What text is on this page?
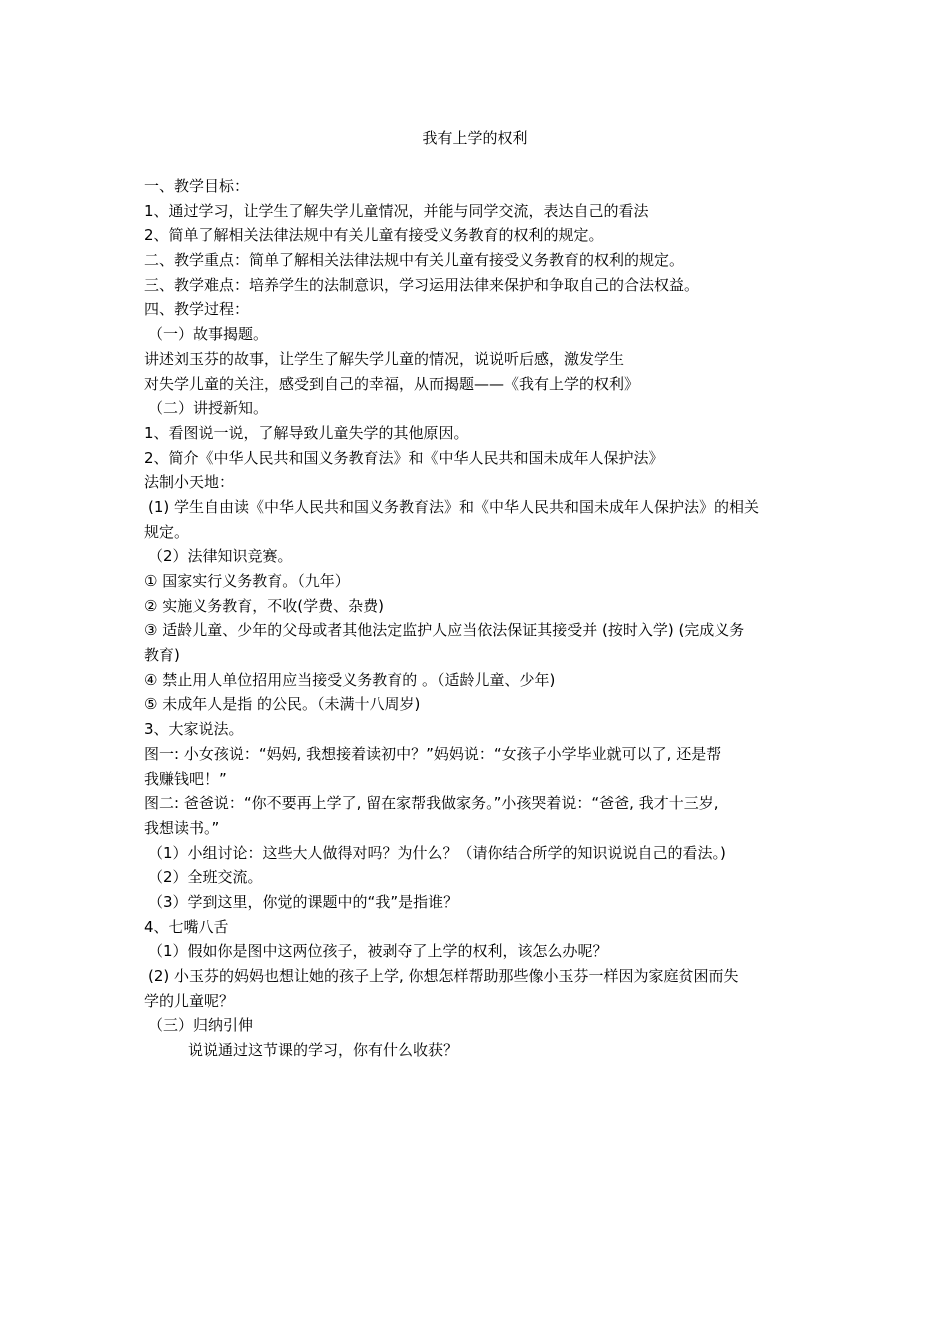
我有上学的权利
一、教学目标：
1、通过学习，让学生了解失学儿童情况，并能与同学交流，表达自己的看法
2、简单了解相关法律法规中有关儿童有接受义务教育的权利的规定。
二、教学重点：简单了解相关法律法规中有关儿童有接受义务教育的权利的规定。
三、教学难点：培养学生的法制意识，学习运用法律来保护和争取自己的合法权益。
四、教学过程：
（一）故事揭题。
讲述刘玉芬的故事，让学生了解失学儿童的情况，说说听后感，激发学生
对失学儿童的关注，感受到自己的幸福，从而揭题——《我有上学的权利》
（二）讲授新知。
1、看图说一说，了解导致儿童失学的其他原因。
2、简介《中华人民共和国义务教育法》和《中华人民共和国未成年人保护法》
法制小天地：
(1) 学生自由读《中华人民共和国义务教育法》和《中华人民共和国未成年人保护法》的相关
规定。
（2）法律知识竞赛。
① 国家实行义务教育。（九年）
② 实施义务教育，不收(学费、杂费)
③ 适龄儿童、少年的父母或者其他法定监护人应当依法保证其接受并 (按时入学) (完成义务
教育)
④ 禁止用人单位招用应当接受义务教育的 。（适龄儿童、少年)
⑤ 未成年人是指 的公民。（未满十八周岁)
3、大家说法。
图一: 小女孩说：“妈妈, 我想接着读初中？”妈妈说：“女孩子小学毕业就可以了, 还是帮
我赚钱吧！”
图二: 爸爸说：“你不要再上学了, 留在家帮我做家务。”小孩哭着说：“爸爸, 我才十三岁,
我想读书。”
（1）小组讨论：这些大人做得对吗？为什么？（请你结合所学的知识说说自己的看法。)
（2）全班交流。
（3）学到这里，你觉的课题中的“我”是指谁？
4、七嘴八舌
（1）假如你是图中这两位孩子，被剥夺了上学的权利，该怎么办呢？
(2) 小玉芬的妈妈也想让她的孩子上学, 你想怎样帮助那些像小玉芬一样因为家庭贫困而失
学的儿童呢？
（三）归纳引伸
说说通过这节课的学习，你有什么收获？
